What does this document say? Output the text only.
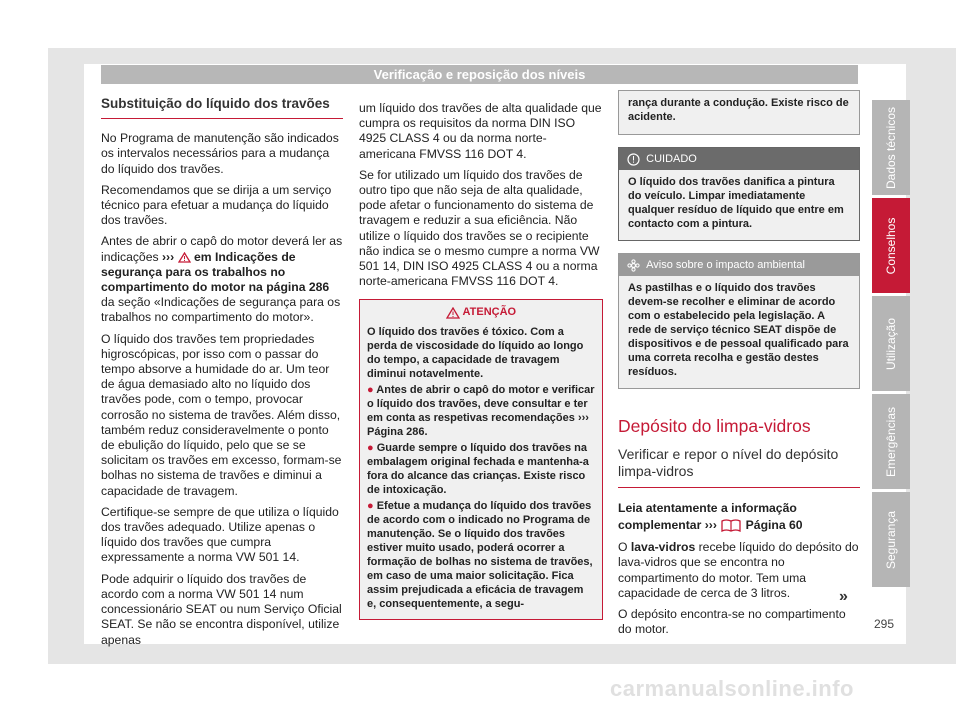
Verificação e reposição dos níveis
Substituição do líquido dos travões

No Programa de manutenção são indicados os intervalos necessários para a mudança do líquido dos travões.

Recomendamos que se dirija a um serviço técnico para efetuar a mudança do líquido dos travões.

Antes de abrir o capô do motor deverá ler as indicações ››› em Indicações de segurança para os trabalhos no compartimento do motor na página 286 da seção «Indicações de segurança para os trabalhos no compartimento do motor».

O líquido dos travões tem propriedades higroscópicas, por isso com o passar do tempo absorve a humidade do ar. Um teor de água demasiado alto no líquido dos travões pode, com o tempo, provocar corrosão no sistema de travões. Além disso, também reduz consideravelmente o ponto de ebulição do líquido, pelo que se se solicitam os travões em excesso, formam-se bolhas no sistema de travões e diminui a capacidade de travagem.

Certifique-se sempre de que utiliza o líquido dos travões adequado. Utilize apenas o líquido dos travões que cumpra expressamente a norma VW 501 14.

Pode adquirir o líquido dos travões de acordo com a norma VW 501 14 num concessionário SEAT ou num Serviço Oficial SEAT. Se não se encontra disponível, utilize apenas

um líquido dos travões de alta qualidade que cumpra os requisitos da norma DIN ISO 4925 CLASS 4 ou da norma norte-americana FMVSS 116 DOT 4.

Se for utilizado um líquido dos travões de outro tipo que não seja de alta qualidade, pode afetar o funcionamento do sistema de travagem e reduzir a sua eficiência. Não utilize o líquido dos travões se o recipiente não indica se o mesmo cumpre a norma VW 501 14, DIN ISO 4925 CLASS 4 ou a norma norte-americana FMVSS 116 DOT 4.

ATENÇÃO

O líquido dos travões é tóxico. Com a perda de viscosidade do líquido ao longo do tempo, a capacidade de travagem diminui notavelmente.

● Antes de abrir o capô do motor e verificar o líquido dos travões, deve consultar e ter em conta as respetivas recomendações ››› Página 286.

● Guarde sempre o líquido dos travões na embalagem original fechada e mantenha-a fora do alcance das crianças. Existe risco de intoxicação.

● Efetue a mudança do líquido dos travões de acordo com o indicado no Programa de manutenção. Se o líquido dos travões estiver muito usado, poderá ocorrer a formação de bolhas no sistema de travões, em caso de uma maior solicitação. Fica assim prejudicada a eficácia de travagem e, consequentemente, a segu-

rança durante a condução. Existe risco de acidente.
CUIDADO
O líquido dos travões danifica a pintura do veículo. Limpar imediatamente qualquer resíduo de líquido que entre em contacto com a pintura.
Aviso sobre o impacto ambiental
As pastilhas e o líquido dos travões devem-se recolher e eliminar de acordo com o estabelecido pela legislação. A rede de serviço técnico SEAT dispõe de dispositivos e de pessoal qualificado para uma correta recolha e gestão destes resíduos.
Depósito do limpa-vidros
Verificar e repor o nível do depósito limpa-vidros

Leia atentamente a informação complementar ››› Página 60

O lava-vidros recebe líquido do depósito do lava-vidros que se encontra no compartimento do motor. Tem uma capacidade de cerca de 3 litros.

O depósito encontra-se no compartimento do motor.

»
Dados técnicos
Conselhos
Utilização
Emergências
Segurança
295
carmanualsonline.info
